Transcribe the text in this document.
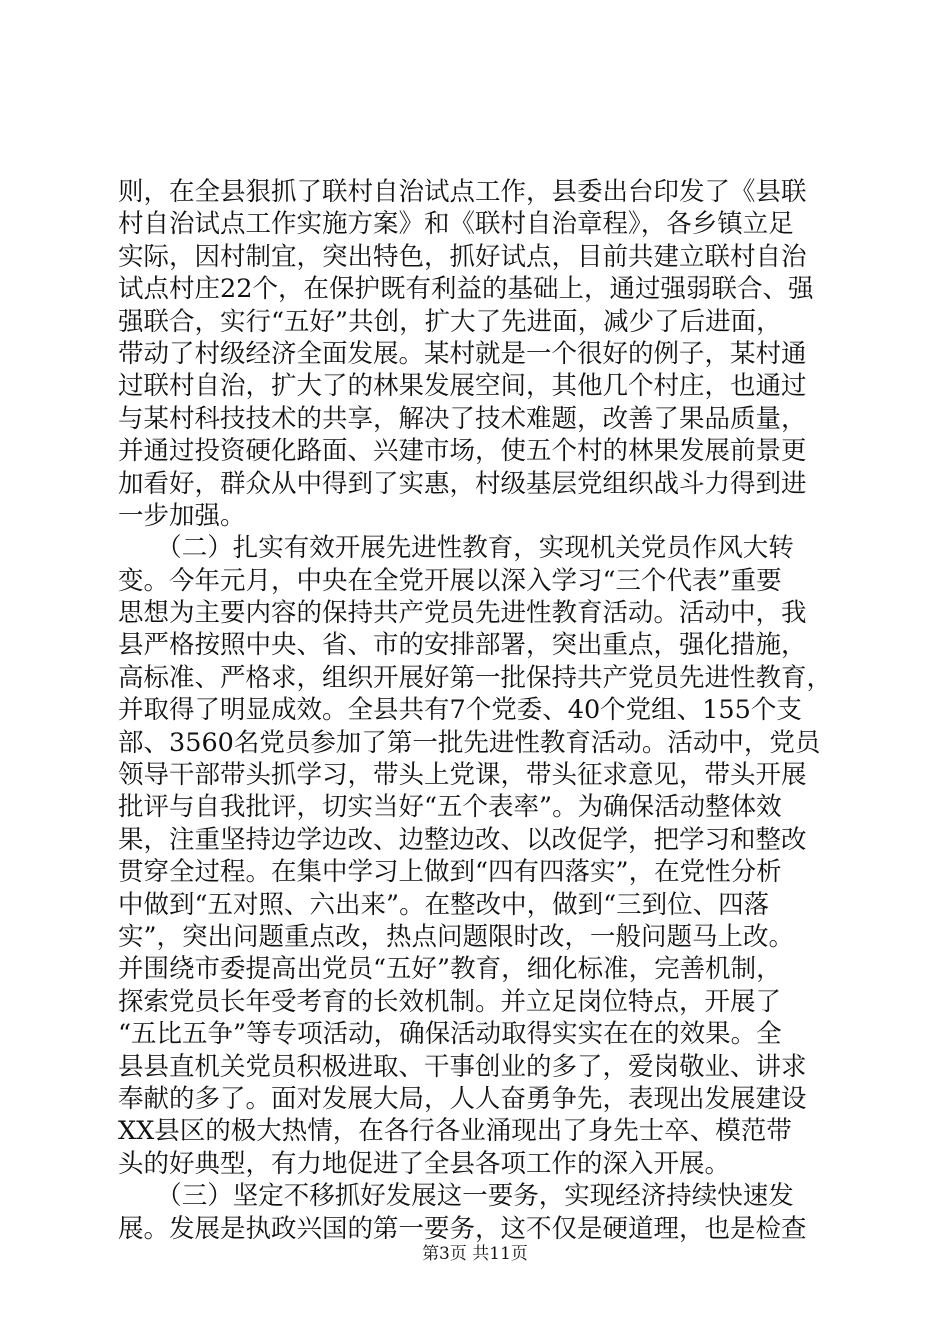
则，在全县狠抓了联村自治试点工作，县委出台印发了《县联
村自治试点工作实施方案》和《联村自治章程》，各乡镇立足
实际，因村制宜，突出特色，抓好试点，目前共建立联村自治
试点村庄22个，在保护既有利益的基础上，通过强弱联合、强
强联合，实行“五好”共创，扩大了先进面，减少了后进面，
带动了村级经济全面发展。某村就是一个很好的例子，某村通
过联村自治，扩大了的林果发展空间，其他几个村庄，也通过
与某村科技技术的共享，解决了技术难题，改善了果品质量，
并通过投资硬化路面、兴建市场，使五个村的林果发展前景更
加看好，群众从中得到了实惠，村级基层党组织战斗力得到进
一步加强。
　　（二）扎实有效开展先进性教育，实现机关党员作风大转
变。今年元月，中央在全党开展以深入学习“三个代表”重要
思想为主要内容的保持共产党员先进性教育活动。活动中，我
县严格按照中央、省、市的安排部署，突出重点，强化措施，
高标准、严格求，组织开展好第一批保持共产党员先进性教育，
并取得了明显成效。全县共有7个党委、40个党组、155个支
部、3560名党员参加了第一批先进性教育活动。活动中，党员
领导干部带头抓学习，带头上党课，带头征求意见，带头开展
批评与自我批评，切实当好“五个表率”。为确保活动整体效
果，注重坚持边学边改、边整边改、以改促学，把学习和整改
贯穿全过程。在集中学习上做到“四有四落实”，在党性分析
中做到“五对照、六出来”。在整改中，做到“三到位、四落
实”，突出问题重点改，热点问题限时改，一般问题马上改。
并围绕市委提高出党员“五好”教育，细化标准，完善机制，
探索党员长年受考育的长效机制。并立足岗位特点，开展了
“五比五争”等专项活动，确保活动取得实实在在的效果。全
县县直机关党员积极进取、干事创业的多了，爱岗敬业、讲求
奉献的多了。面对发展大局，人人奋勇争先，表现出发展建设
XX县区的极大热情，在各行各业涌现出了身先士卒、模范带
头的好典型，有力地促进了全县各项工作的深入开展。
　　（三）坚定不移抓好发展这一要务，实现经济持续快速发
展。发展是执政兴国的第一要务，这不仅是硬道理，也是检查
第3页 共11页
